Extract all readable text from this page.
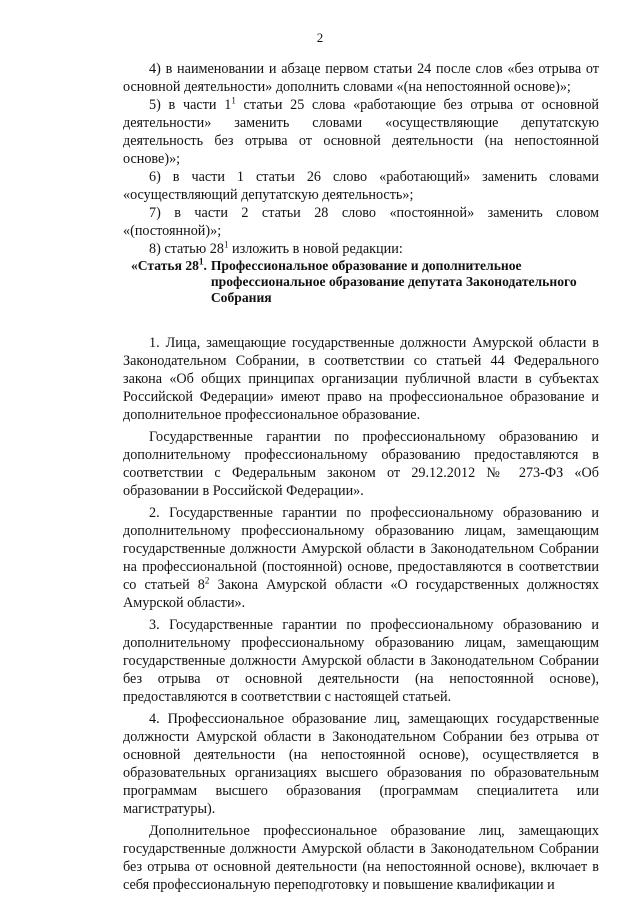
2

4) в наименовании и абзаце первом статьи 24 после слов «без отрыва от основной деятельности» дополнить словами «(на непостоянной основе)»;

5) в части $1^1$ статьи 25 слова «работающие без отрыва от основной деятельности» заменить словами «осуществляющие депутатскую деятельность без отрыва от основной деятельности (на непостоянной основе)»;

6) в части 1 статьи 26 слово «работающий» заменить словами «осуществляющий депутатскую деятельность»;

7) в части 2 статьи 28 слово «постоянной» заменить словом «(постоянной)»;

8) статью $28^1$ изложить в новой редакции:

«Статья $28^1$. Профессиональное образование и дополнительное профессиональное образование депутата Законодательного Собрания

1. Лица, замещающие государственные должности Амурской области в Законодательном Собрании, в соответствии со статьей 44 Федерального закона «Об общих принципах организации публичной власти в субъектах Российской Федерации» имеют право на профессиональное образование и дополнительное профессиональное образование.

Государственные гарантии по профессиональному образованию и дополнительному профессиональному образованию предоставляются в соответствии с Федеральным законом от 29.12.2012 № 273-ФЗ «Об образовании в Российской Федерации».

2. Государственные гарантии по профессиональному образованию и дополнительному профессиональному образованию лицам, замещающим государственные должности Амурской области в Законодательном Собрании на профессиональной (постоянной) основе, предоставляются в соответствии со статьей $8^2$ Закона Амурской области «О государственных должностях Амурской области».

3. Государственные гарантии по профессиональному образованию и дополнительному профессиональному образованию лицам, замещающим государственные должности Амурской области в Законодательном Собрании без отрыва от основной деятельности (на непостоянной основе), предоставляются в соответствии с настоящей статьей.

4. Профессиональное образование лиц, замещающих государственные должности Амурской области в Законодательном Собрании без отрыва от основной деятельности (на непостоянной основе), осуществляется в образовательных организациях высшего образования по образовательным программам высшего образования (программам специалитета или магистратуры).

Дополнительное профессиональное образование лиц, замещающих государственные должности Амурской области в Законодательном Собрании без отрыва от основной деятельности (на непостоянной основе), включает в себя профессиональную переподготовку и повышение квалификации и
